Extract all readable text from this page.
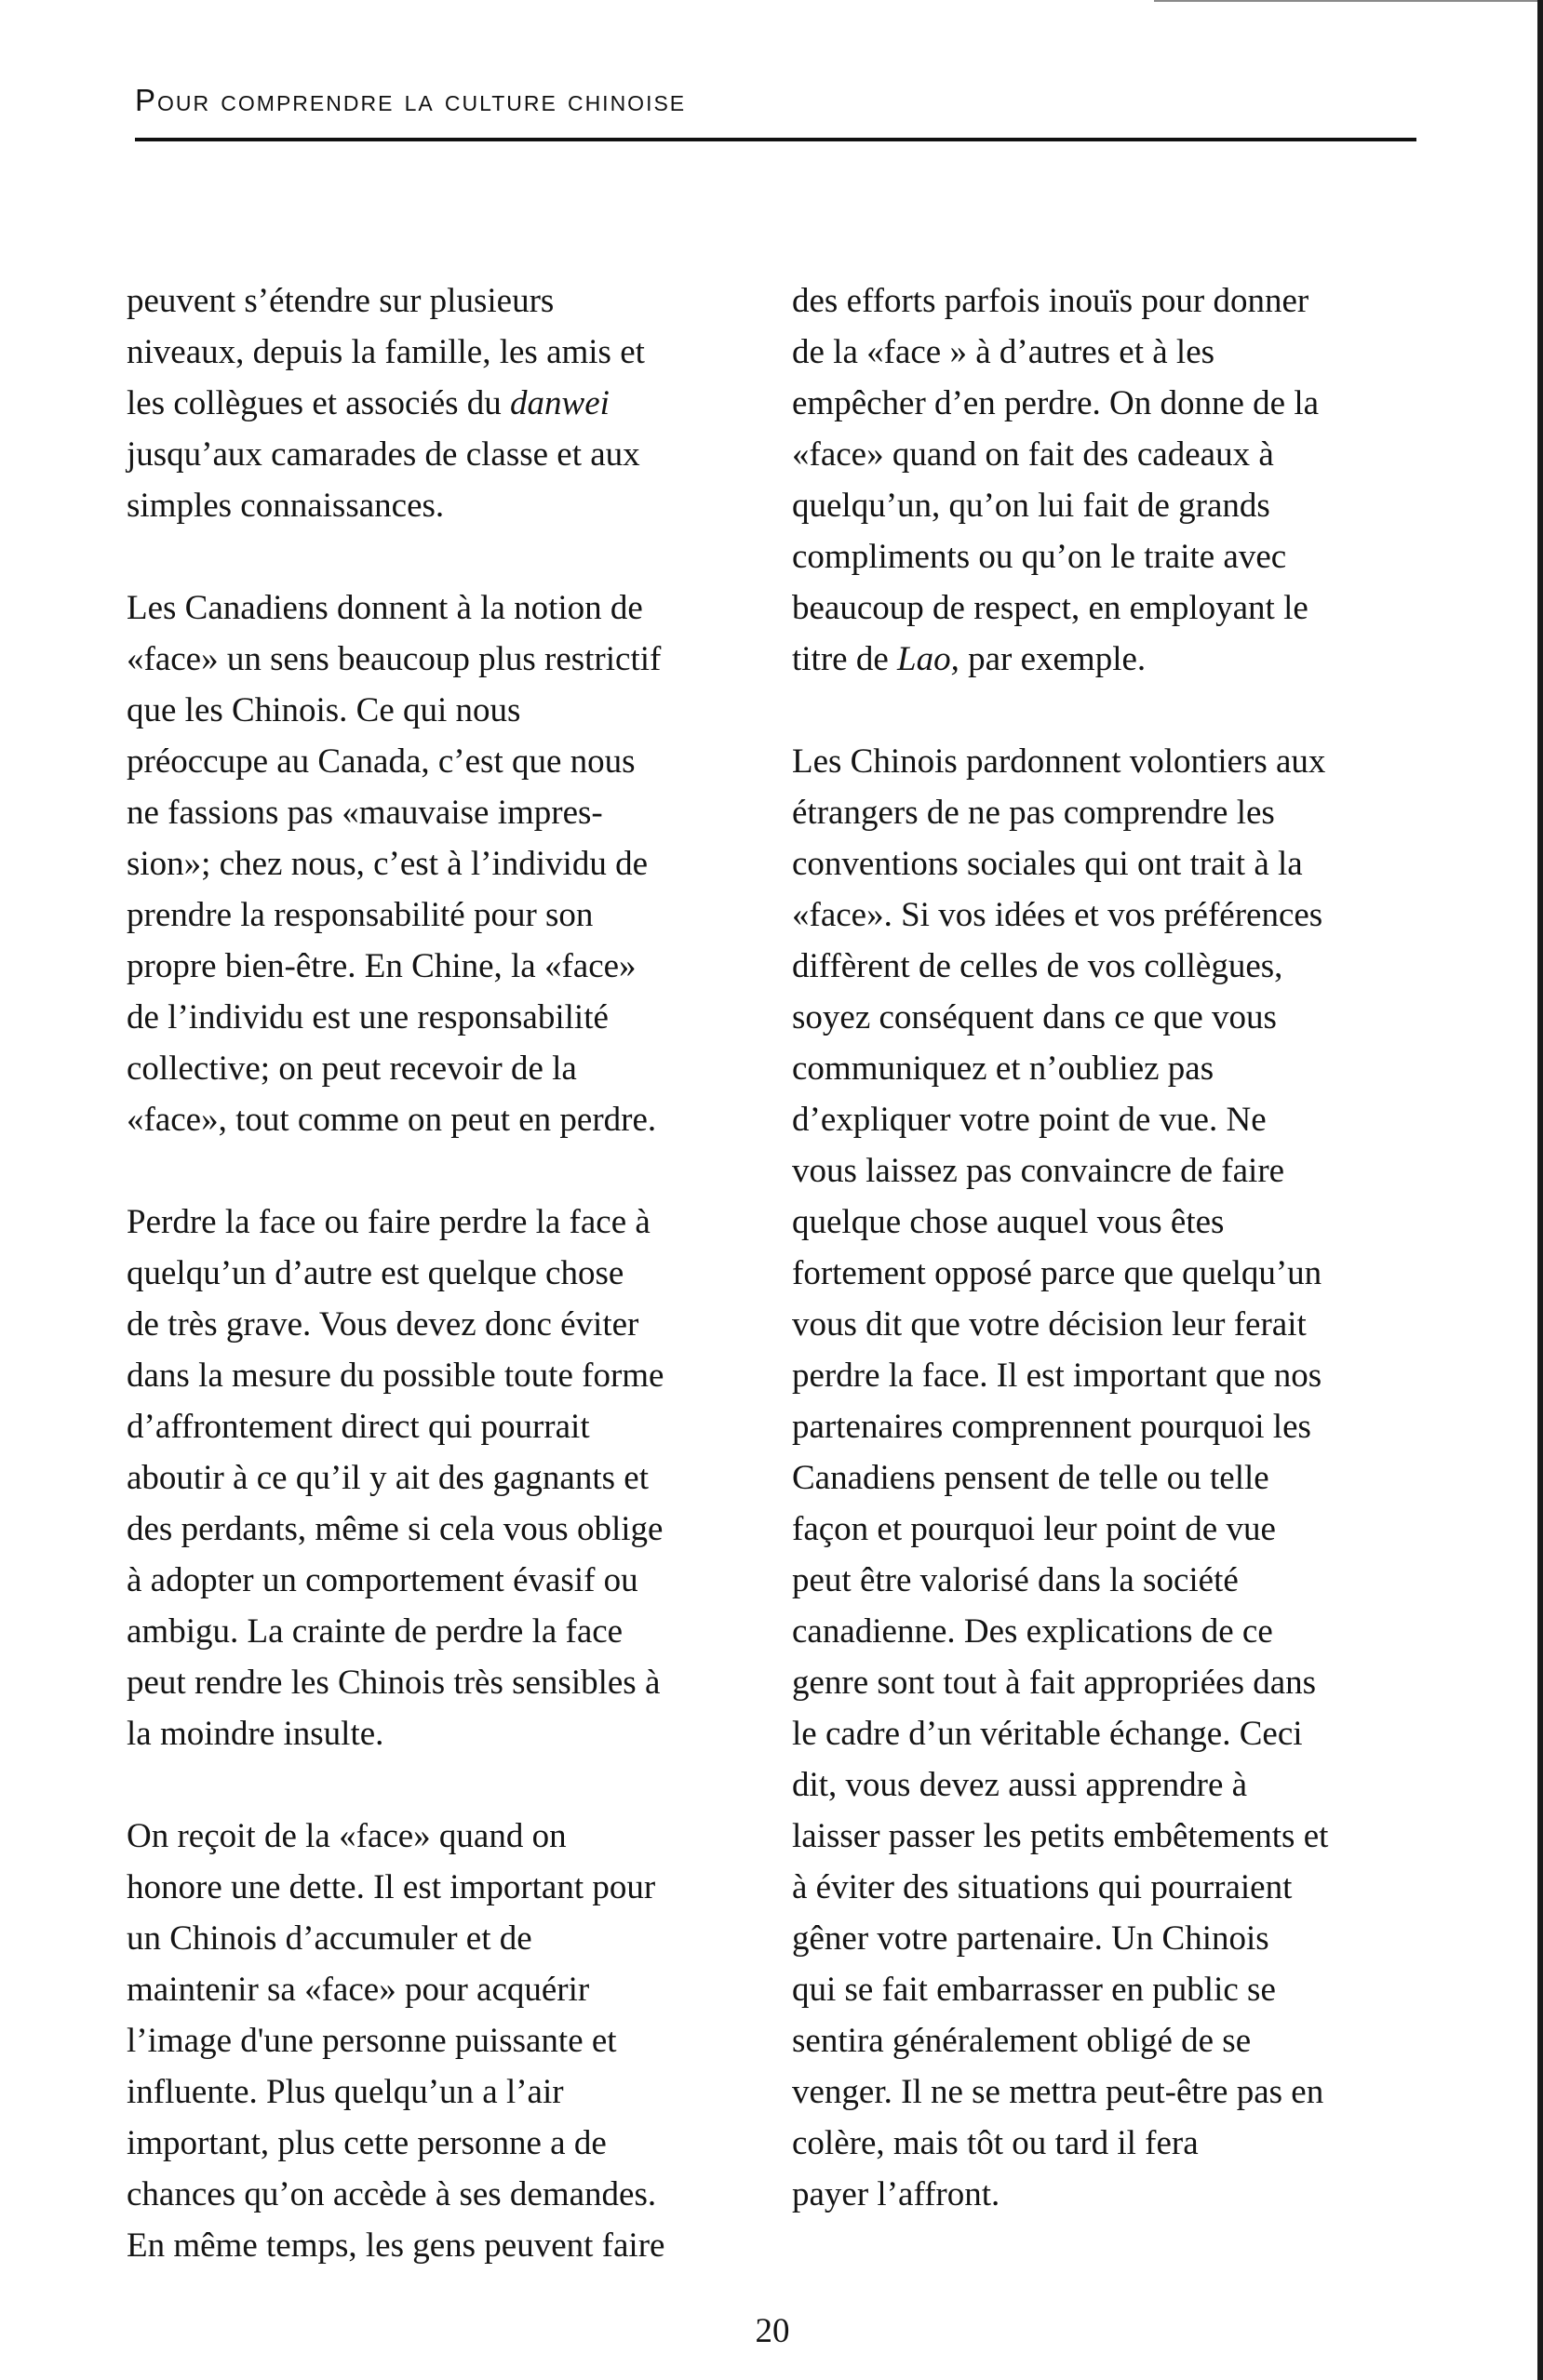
Pour comprendre la culture chinoise

peuvent s’étendre sur plusieurs
niveaux, depuis la famille, les amis et
les collègues et associés du danwei
jusqu’aux camarades de classe et aux
simples connaissances.

Les Canadiens donnent à la notion de
«face» un sens beaucoup plus restrictif
que les Chinois. Ce qui nous
préoccupe au Canada, c’est que nous
ne fassions pas «mauvaise impres-
sion»; chez nous, c’est à l’individu de
prendre la responsabilité pour son
propre bien-être. En Chine, la «face»
de l’individu est une responsabilité
collective; on peut recevoir de la
«face», tout comme on peut en perdre.

Perdre la face ou faire perdre la face à
quelqu’un d’autre est quelque chose
de très grave. Vous devez donc éviter
dans la mesure du possible toute forme
d’affrontement direct qui pourrait
aboutir à ce qu’il y ait des gagnants et
des perdants, même si cela vous oblige
à adopter un comportement évasif ou
ambigu. La crainte de perdre la face
peut rendre les Chinois très sensibles à
la moindre insulte.

On reçoit de la «face» quand on
honore une dette. Il est important pour
un Chinois d’accumuler et de
maintenir sa «face» pour acquérir
l’image d'une personne puissante et
influente. Plus quelqu’un a l’air
important, plus cette personne a de
chances qu’on accède à ses demandes.
En même temps, les gens peuvent faire

des efforts parfois inouïs pour donner
de la «face » à d’autres et à les
empêcher d’en perdre. On donne de la
«face» quand on fait des cadeaux à
quelqu’un, qu’on lui fait de grands
compliments ou qu’on le traite avec
beaucoup de respect, en employant le
titre de Lao, par exemple.

Les Chinois pardonnent volontiers aux
étrangers de ne pas comprendre les
conventions sociales qui ont trait à la
«face». Si vos idées et vos préférences
diffèrent de celles de vos collègues,
soyez conséquent dans ce que vous
communiquez et n’oubliez pas
d’expliquer votre point de vue. Ne
vous laissez pas convaincre de faire
quelque chose auquel vous êtes
fortement opposé parce que quelqu’un
vous dit que votre décision leur ferait
perdre la face. Il est important que nos
partenaires comprennent pourquoi les
Canadiens pensent de telle ou telle
façon et pourquoi leur point de vue
peut être valorisé dans la société
canadienne. Des explications de ce
genre sont tout à fait appropriées dans
le cadre d’un véritable échange. Ceci
dit, vous devez aussi apprendre à
laisser passer les petits embêtements et
à éviter des situations qui pourraient
gêner votre partenaire. Un Chinois
qui se fait embarrasser en public se
sentira généralement obligé de se
venger. Il ne se mettra peut-être pas en
colère, mais tôt ou tard il fera
payer l’affront.

20
